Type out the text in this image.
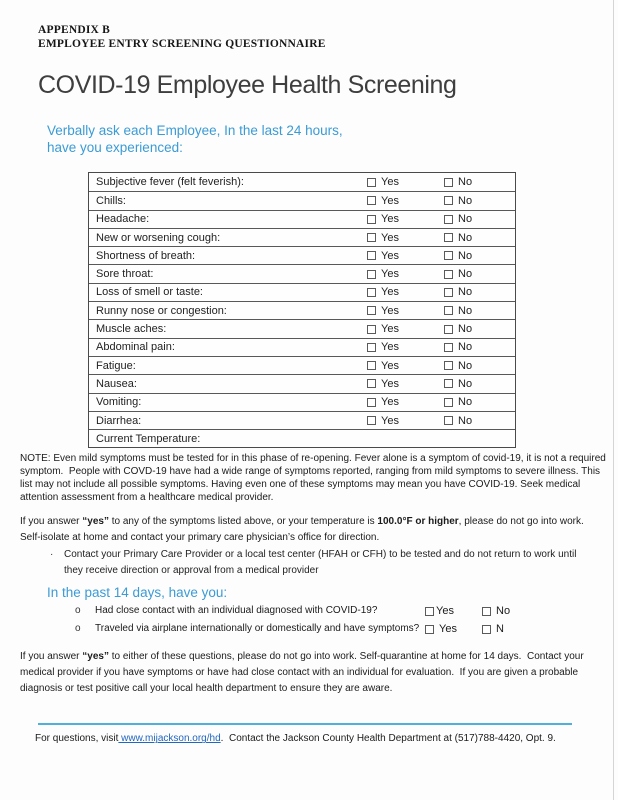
APPENDIX B
EMPLOYEE ENTRY SCREENING QUESTIONNAIRE
COVID-19 Employee Health Screening
Verbally ask each Employee, In the last 24 hours, have you experienced:
Subjective fever (felt feverish):	Yes	No
Chills:	Yes	No
Headache:	Yes	No
New or worsening cough:	Yes	No
Shortness of breath:	Yes	No
Sore throat:	Yes	No
Loss of smell or taste:	Yes	No
Runny nose or congestion:	Yes	No
Muscle aches:	Yes	No
Abdominal pain:	Yes	No
Fatigue:	Yes	No
Nausea:	Yes	No
Vomiting:	Yes	No
Diarrhea:	Yes	No
Current Temperature:

NOTE: Even mild symptoms must be tested for in this phase of re-opening. Fever alone is a symptom of covid-19, it is not a required symptom.  People with COVD-19 have had a wide range of symptoms reported, ranging from mild symptoms to severe illness. This list may not include all possible symptoms. Having even one of these symptoms may mean you have COVID-19. Seek medical attention assessment from a healthcare medical provider.

If you answer “yes” to any of the symptoms listed above, or your temperature is 100.0°F or higher, please do not go into work. Self-isolate at home and contact your primary care physician’s office for direction.

·	Contact your Primary Care Provider or a local test center (HFAH or CFH) to be tested and do not return to work until they receive direction or approval from a medical provider
In the past 14 days, have you:
o	Had close contact with an individual diagnosed with COVID-19?	Yes	No
o	Traveled via airplane internationally or domestically and have symptoms?	Yes	N

If you answer “yes” to either of these questions, please do not go into work. Self-quarantine at home for 14 days.  Contact your medical provider if you have symptoms or have had close contact with an individual for evaluation.  If you are given a probable diagnosis or test positive call your local health department to ensure they are aware.

For questions, visit www.mijackson.org/hd.  Contact the Jackson County Health Department at (517)788-4420, Opt. 9.
